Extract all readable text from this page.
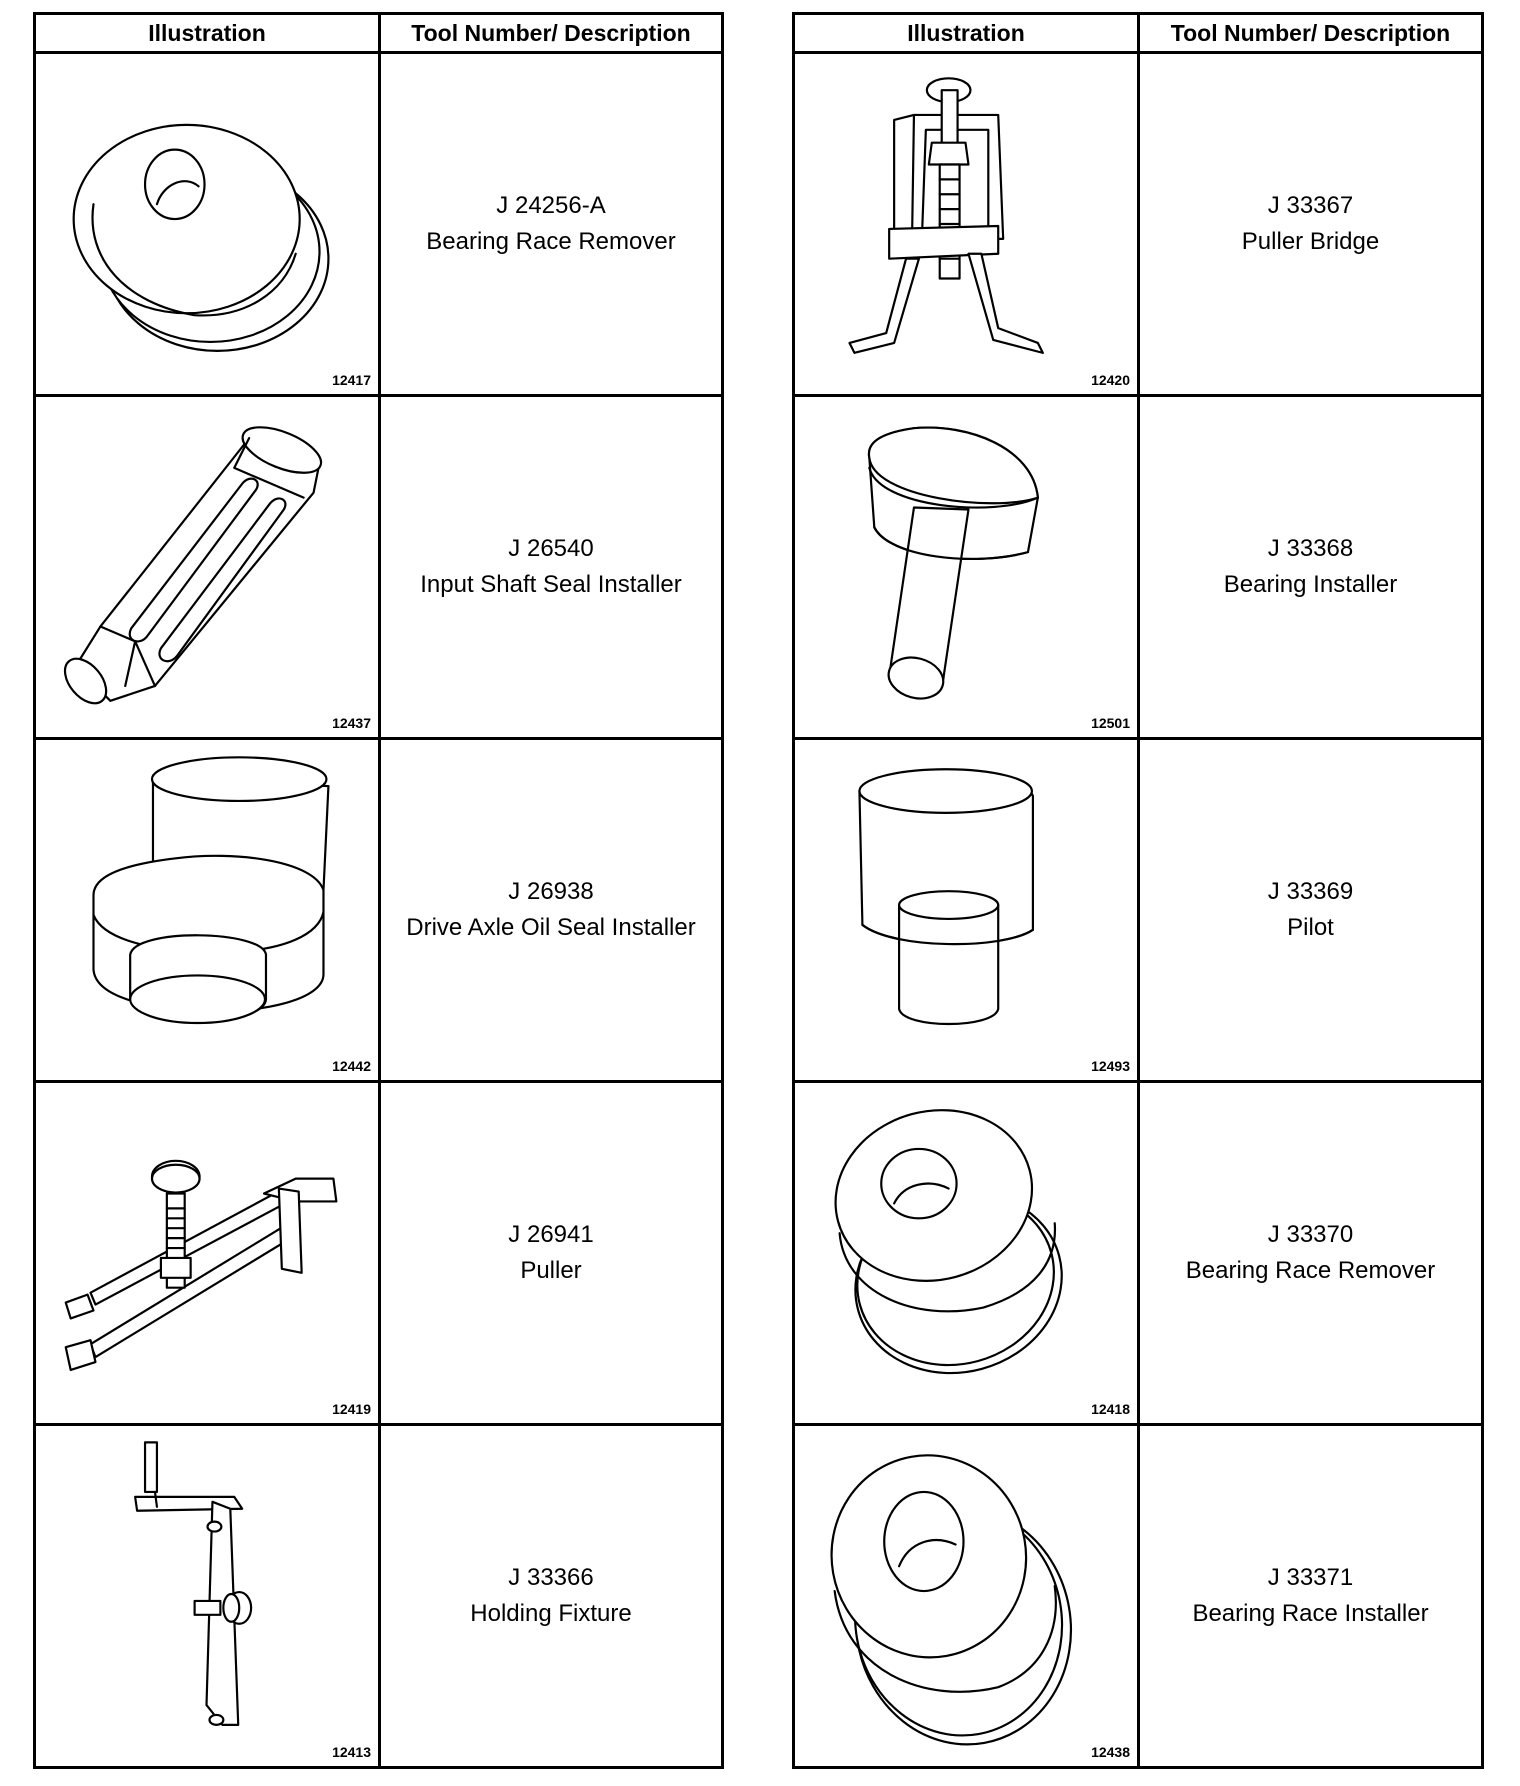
Illustration	Tool Number/ Description

12417	J 24256-A
Bearing Race Remover

12437	J 26540
Input Shaft Seal Installer

12442	J 26938
Drive Axle Oil Seal Installer

12419	J 26941
Puller

12413	J 33366
Holding Fixture
Illustration	Tool Number/ Description

12420	J 33367
Puller Bridge

12501	J 33368
Bearing Installer

12493	J 33369
Pilot

12418	J 33370
Bearing Race Remover

12438	J 33371
Bearing Race Installer
